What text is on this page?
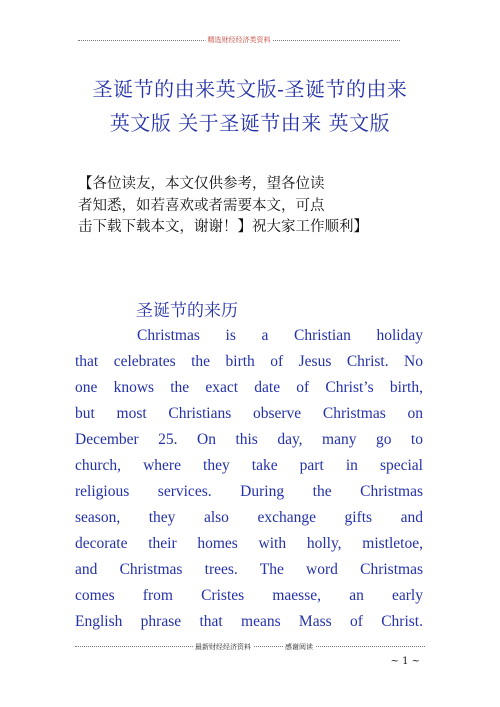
精选财经经济类资料
圣诞节的由来英文版-圣诞节的由来
英文版 关于圣诞节由来 英文版
【各位读友，本文仅供参考，望各位读
者知悉，如若喜欢或者需要本文，可点
击下载下载本文，谢谢！】祝大家工作顺利】
圣诞节的来历
Christmas is a Christian holiday
that celebrates the birth of Jesus Christ. No
one knows the exact date of Christ’s birth,
but most Christians observe Christmas on
December 25. On this day, many go to
church, where they take part in special
religious services. During the Christmas
season, they also exchange gifts and
decorate their homes with holly, mistletoe,
and Christmas trees. The word Christmas
comes from Cristes maesse, an early
English phrase that means Mass of Christ.
最新财经经济资料	感谢阅读
~ 1 ~
